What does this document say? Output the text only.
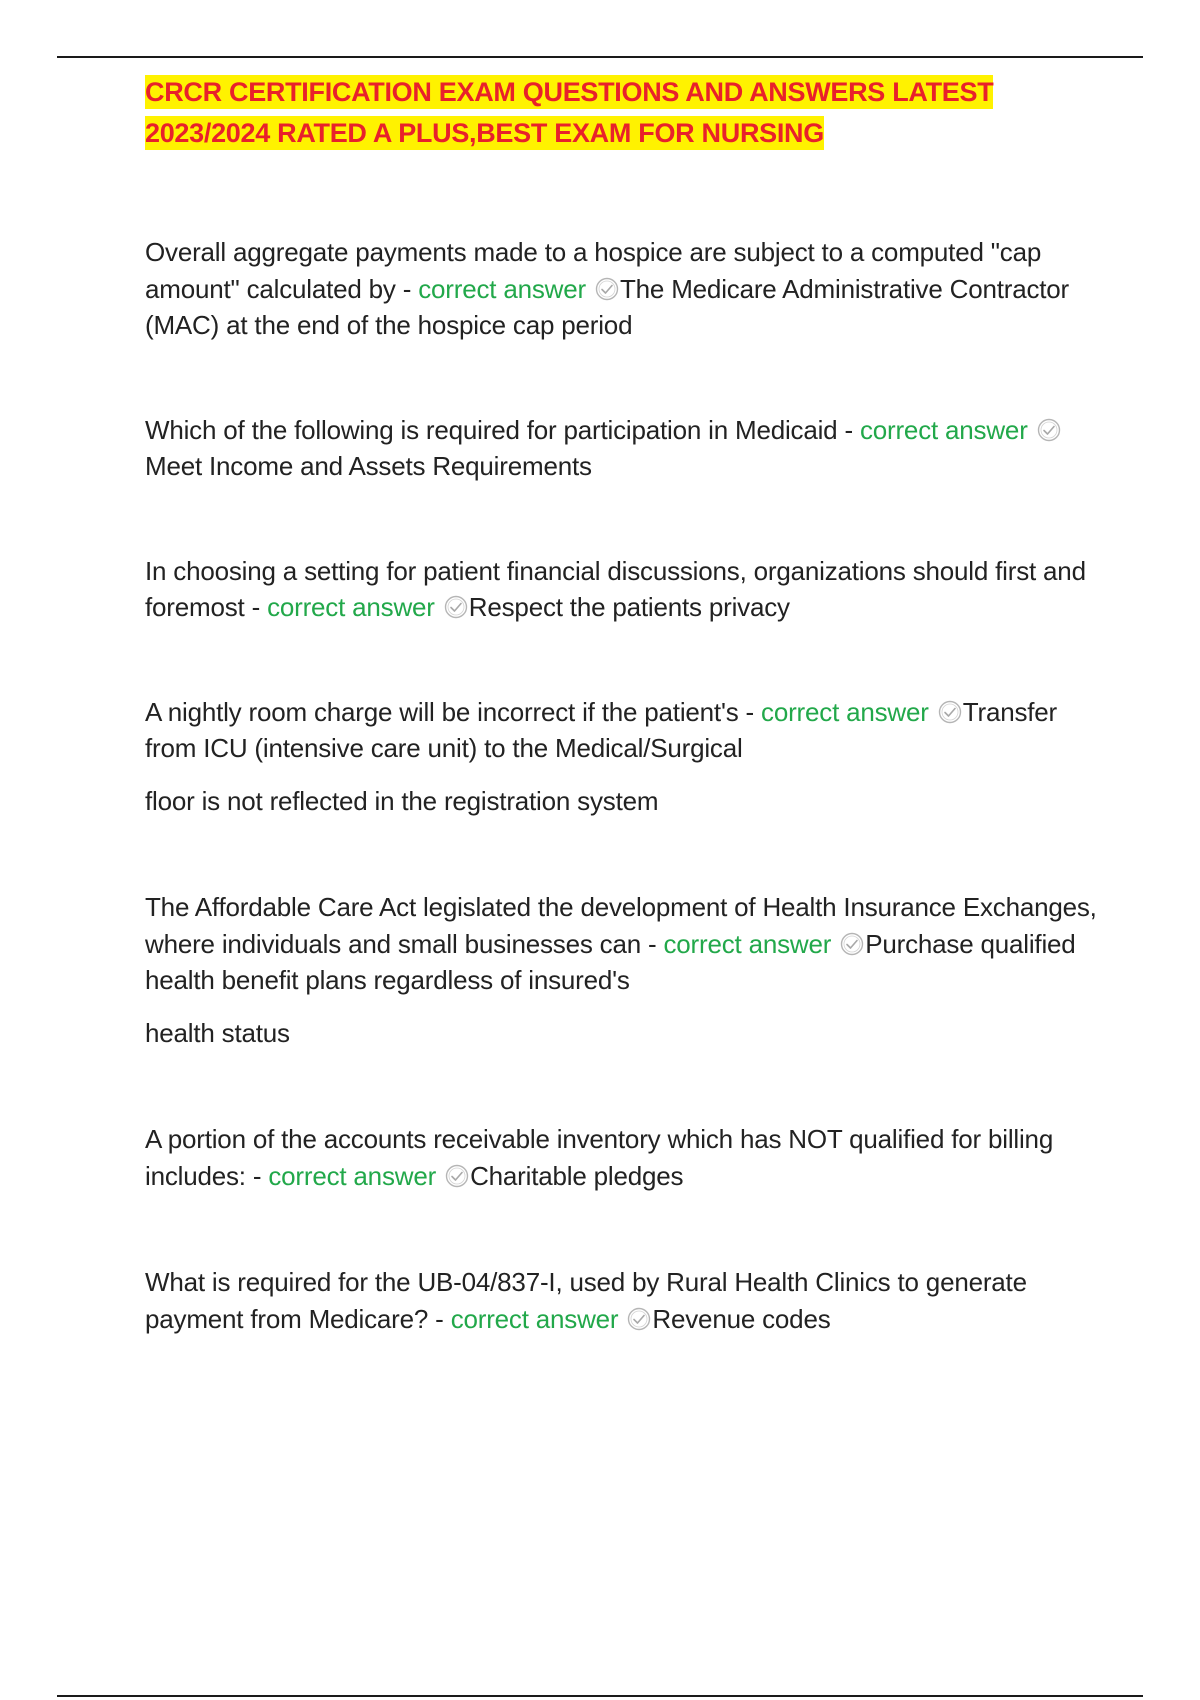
CRCR CERTIFICATION EXAM QUESTIONS AND ANSWERS LATEST 2023/2024 RATED A PLUS,BEST EXAM FOR NURSING

Overall aggregate payments made to a hospice are subject to a computed "cap amount" calculated by - correct answer The Medicare Administrative Contractor (MAC) at the end of the hospice cap period

Which of the following is required for participation in Medicaid - correct answer
Meet Income and Assets Requirements

In choosing a setting for patient financial discussions, organizations should first and foremost - correct answer Respect the patients privacy

A nightly room charge will be incorrect if the patient's - correct answer Transfer from ICU (intensive care unit) to the Medical/Surgical

floor is not reflected in the registration system

The Affordable Care Act legislated the development of Health Insurance Exchanges, where individuals and small businesses can - correct answer Purchase qualified health benefit plans regardless of insured's

health status

A portion of the accounts receivable inventory which has NOT qualified for billing includes: - correct answer Charitable pledges

What is required for the UB-04/837-I, used by Rural Health Clinics to generate payment from Medicare? - correct answer Revenue codes
